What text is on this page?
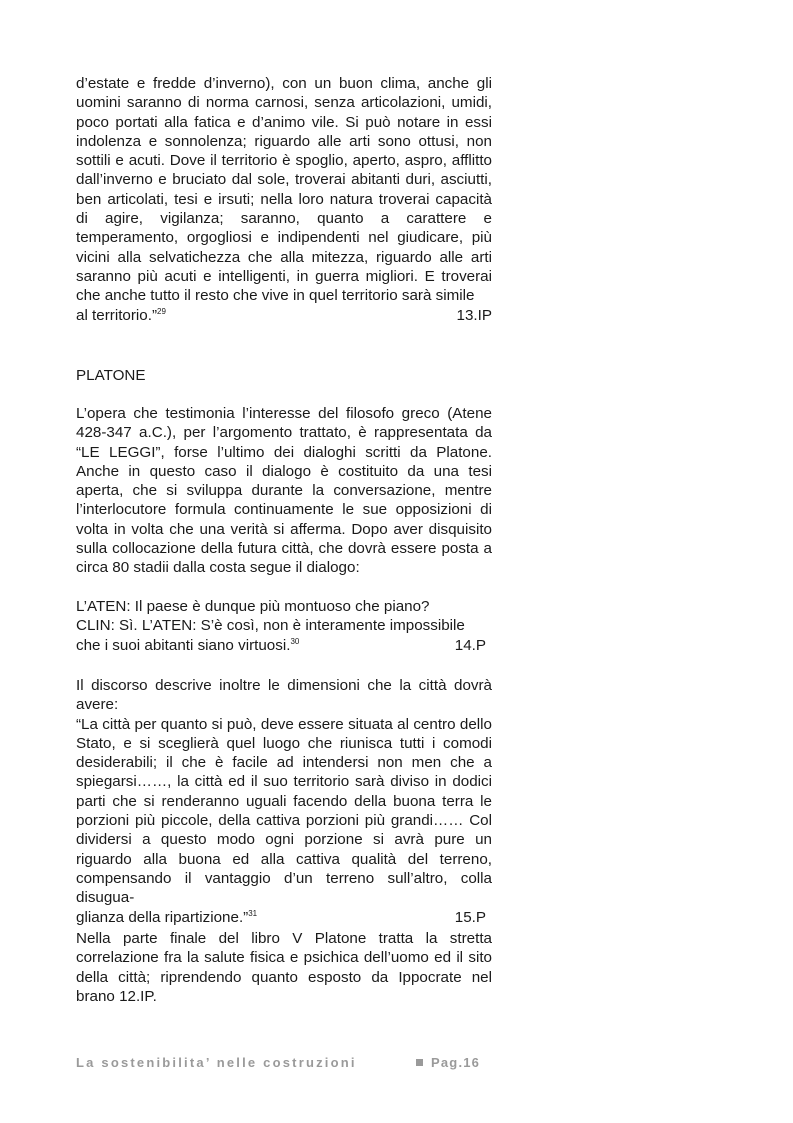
d’estate e fredde d’inverno), con un buon clima, anche gli uomini saranno di norma carnosi, senza articolazioni, umidi, poco portati alla fatica e d’animo vile. Si può notare in essi indolenza e sonnolenza; riguardo alle arti sono ottusi, non sottili e acuti. Dove il territorio è spoglio, aperto, aspro, afflitto dall’inverno e bruciato dal sole, troverai abitanti duri, asciutti, ben articolati, tesi e irsuti; nella loro natura troverai capacità di agire, vigilanza; saranno, quanto a carattere e temperamento, orgogliosi e indipendenti nel giudicare, più vicini alla selvatichezza che alla mitezza, riguardo alle arti saranno più acuti e intelligenti, in guerra migliori. E troverai che anche tutto il resto che vive in quel territorio sarà simile

al territorio.”$^{29}$	13.IP

PLATONE

L’opera che testimonia l’interesse del filosofo greco (Atene 428-347 a.C.), per l’argomento trattato, è rappresentata da “LE LEGGI”, forse l’ultimo dei dialoghi scritti da Platone. Anche in questo caso il dialogo è costituito da una tesi aperta, che si sviluppa durante la conversazione, mentre l’interlocutore formula continuamente le sue opposizioni di volta in volta che una verità si afferma. Dopo aver disquisito sulla collocazione della futura città, che dovrà essere posta a circa 80 stadii dalla costa segue il dialogo:

L’ATEN: Il paese è dunque più montuoso che piano?

CLIN: Sì. L’ATEN: S’è così, non è interamente impossibile

che i suoi abitanti siano virtuosi.$^{30}$	14.P

Il discorso descrive inoltre le dimensioni che la città dovrà avere:

“La città per quanto si può, deve essere situata al centro dello Stato, e si sceglierà quel luogo che riunisca tutti i comodi desiderabili; il che è facile ad intendersi non men che a spiegarsi……, la città ed il suo territorio sarà diviso in dodici parti che si renderanno uguali facendo della buona terra le porzioni più piccole, della cattiva porzioni più grandi…… Col dividersi a questo modo ogni porzione si avrà pure un riguardo alla buona ed alla cattiva qualità del terreno, compensando il vantaggio d’un terreno sull’altro, colla disugua-

glianza della ripartizione.”$^{31}$	15.P

Nella parte finale del libro V Platone tratta la stretta correlazione fra la salute fisica e psichica dell’uomo ed il sito della città; riprendendo quanto esposto da Ippocrate nel brano 12.IP.

La sostenibilita’ nelle costruzioni	Pag.16
